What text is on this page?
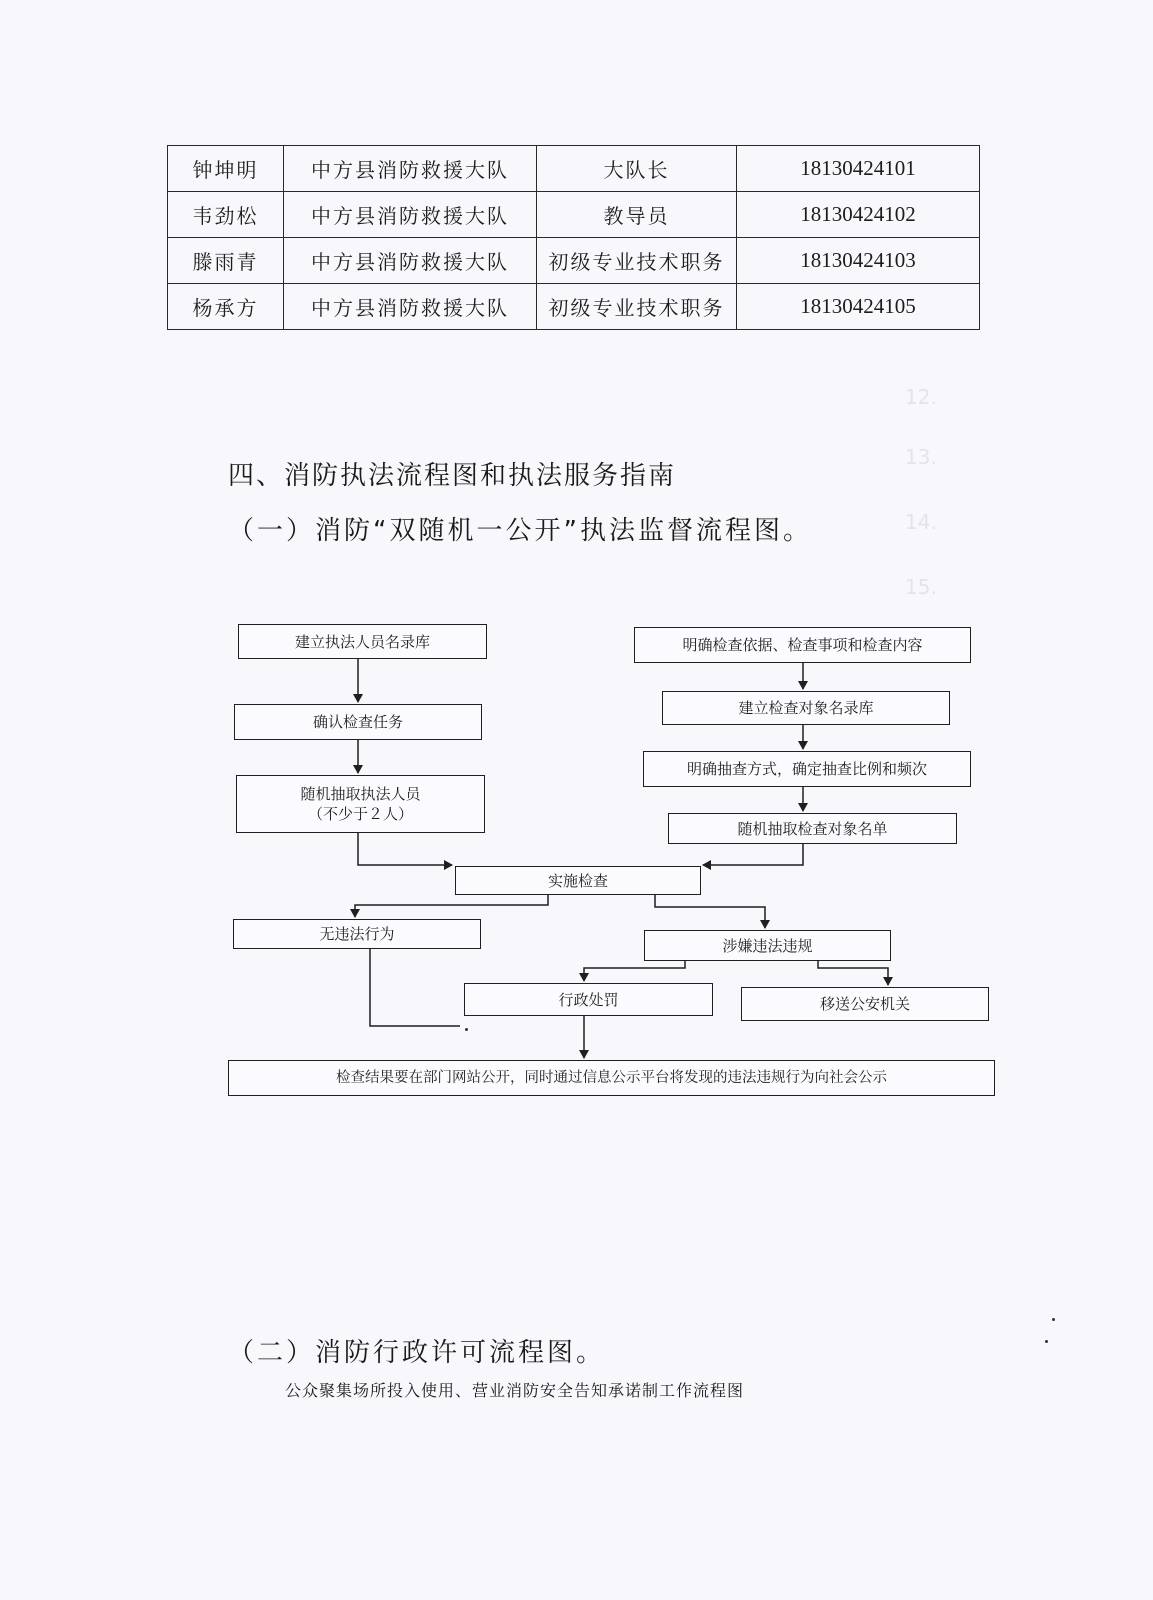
12.
13.
14.
15.
钟坤明	中方县消防救援大队	大队长	18130424101
韦劲松	中方县消防救援大队	教导员	18130424102
滕雨青	中方县消防救援大队	初级专业技术职务	18130424103
杨承方	中方县消防救援大队	初级专业技术职务	18130424105
四、消防执法流程图和执法服务指南
（一）消防“双随机一公开”执法监督流程图。
建立执法人员名录库
确认检查任务
随机抽取执法人员
（不少于２人）
明确检查依据、检查事项和检查内容
建立检查对象名录库
明确抽查方式，确定抽查比例和频次
随机抽取检查对象名单
实施检查
无违法行为
涉嫌违法违规
行政处罚	移送公安机关
检查结果要在部门网站公开，同时通过信息公示平台将发现的违法违规行为向社会公示
（二）消防行政许可流程图。
公众聚集场所投入使用、营业消防安全告知承诺制工作流程图
